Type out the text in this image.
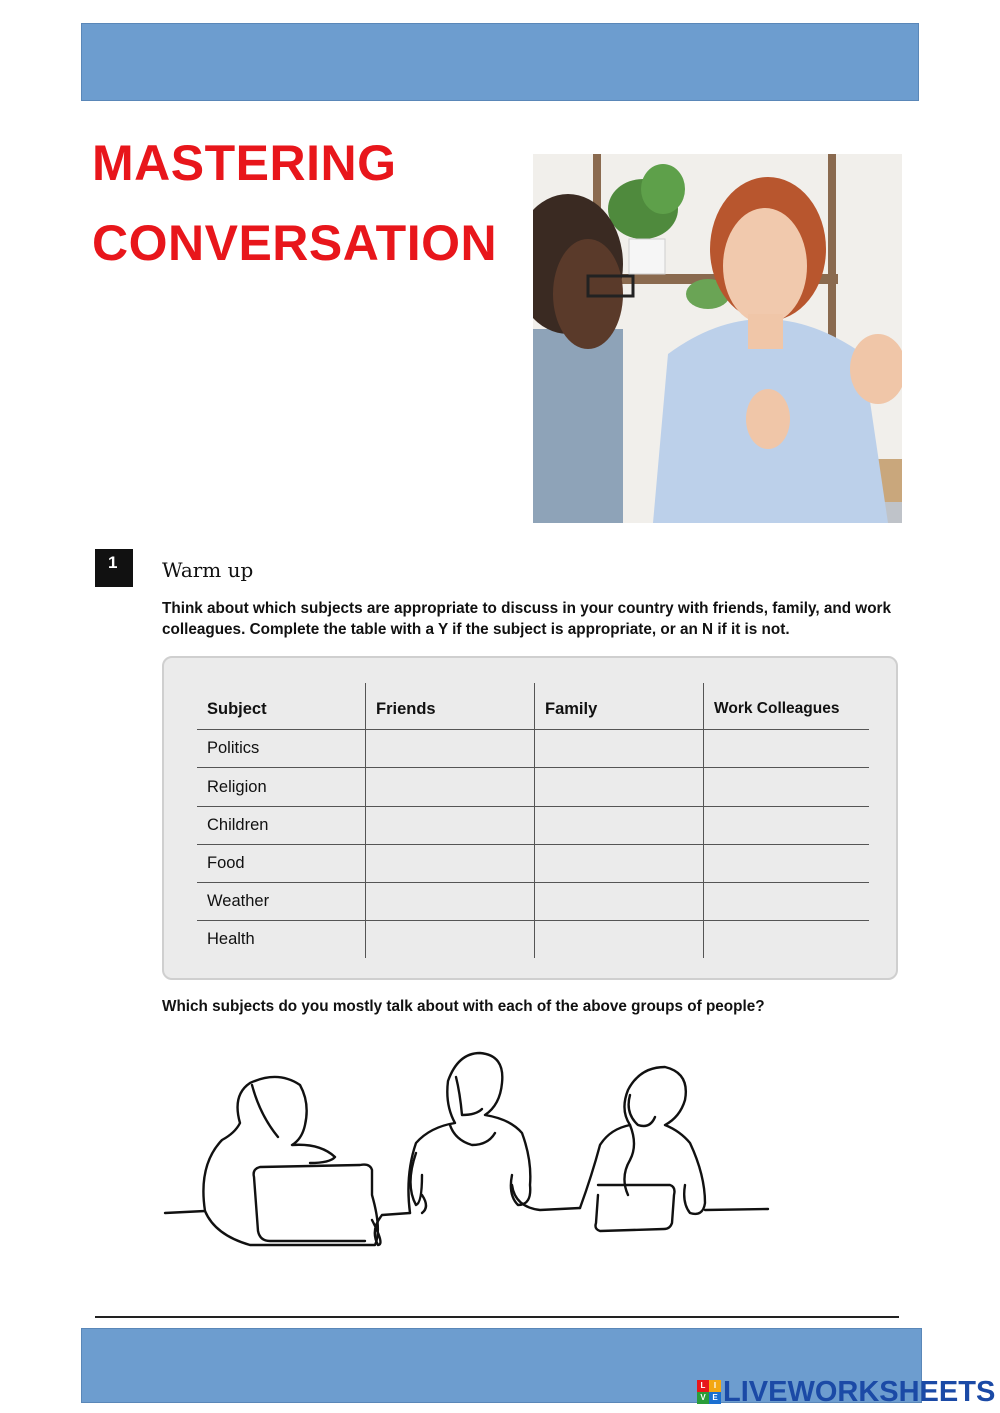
MASTERING
CONVERSATION
1	Warm up
Think about which subjects are appropriate to discuss in your country with friends, family, and work colleagues. Complete the table with a Y if the subject is appropriate, or an N if it is not.
Subject	Friends	Family	Work Colleagues
Politics			
Religion			
Children			
Food			
Weather			
Health			
Which subjects do you mostly talk about with each of the above groups of people?
L	I
V E LIVEWORKSHEETS
